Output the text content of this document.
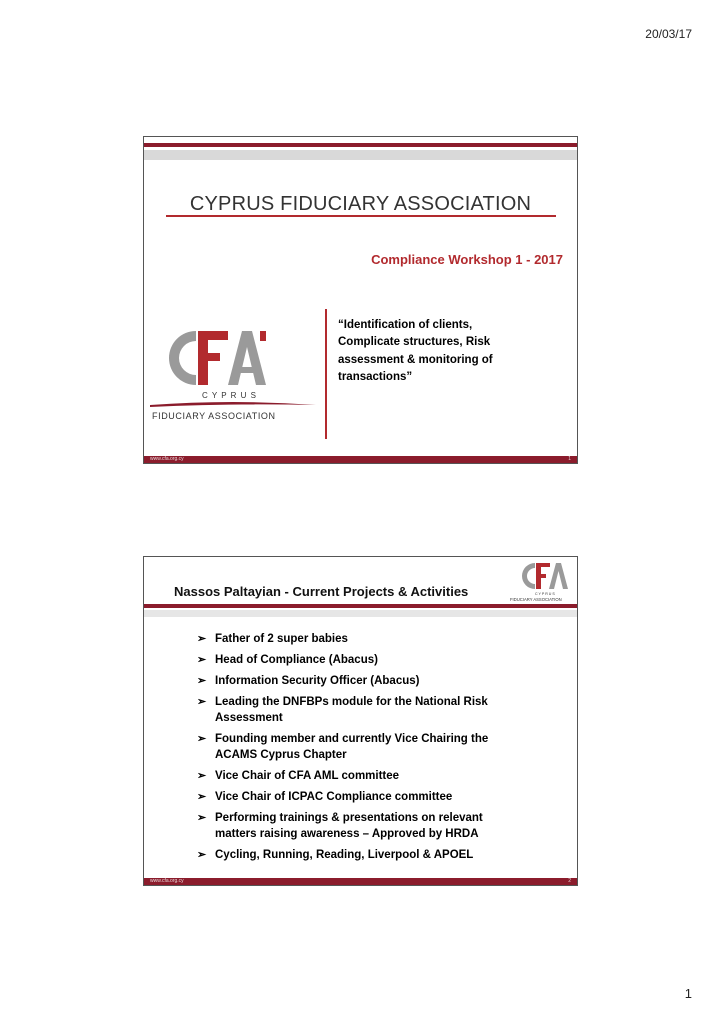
20/03/17
CYPRUS FIDUCIARY ASSOCIATION
Compliance Workshop 1 - 2017
C Y P R U S
FIDUCIARY ASSOCIATION
“Identification of clients,
Complicate structures, Risk
assessment & monitoring of
transactions”
www.cfa.org.cy	1
Nassos Paltayian - Current Projects & Activities	C Y P R U S
FIDUCIARY ASSOCIATION
➢ Father of 2 super babies
➢ Head of Compliance (Abacus)
➢ Information Security Officer (Abacus)
➢ Leading the DNFBPs module for the National Risk
Assessment
➢ Founding member and currently Vice Chairing the
ACAMS Cyprus Chapter
➢ Vice Chair of CFA AML committee
➢ Vice Chair of ICPAC Compliance committee
➢ Performing trainings & presentations on relevant
matters raising awareness – Approved by HRDA
➢ Cycling, Running, Reading, Liverpool & APOEL
www.cfa.org.cy	2
1
